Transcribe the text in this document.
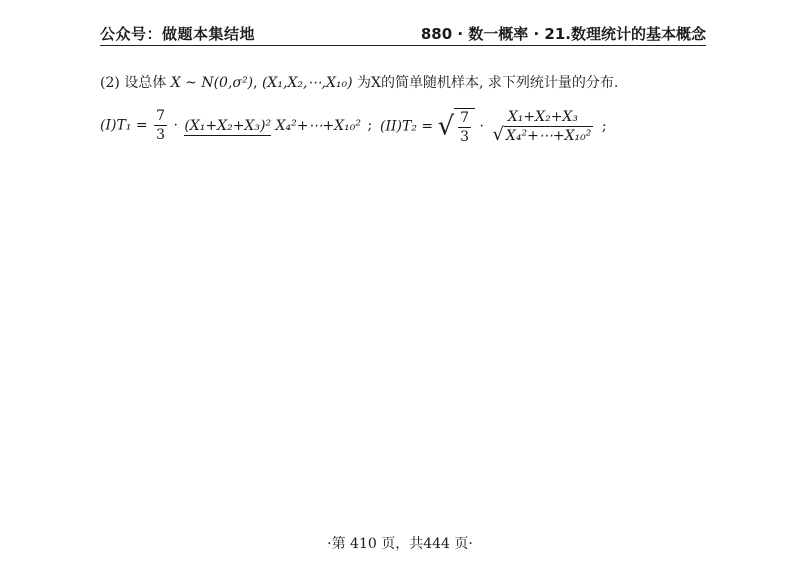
公众号：做题本集结地	880 · 数一概率 · 21.数理统计的基本概念
(2) 设总体 X ~ N(0,σ²), (X₁,X₂,⋯,X₁₀) 为X的简单随机样本, 求下列统计量的分布.
$(I)T_1 = \frac{7}{3} \cdot (X_1+X_2+X_3)^2$ X₄²+⋯+X₁₀² ; (II)T₂ = √ $\frac{7}{3} \cdot \frac{\text{X₁+X₂+X₃}}{\text{√ X₄²+⋯+X₁₀²}}$ ;
·第 410 页，共444 页·
